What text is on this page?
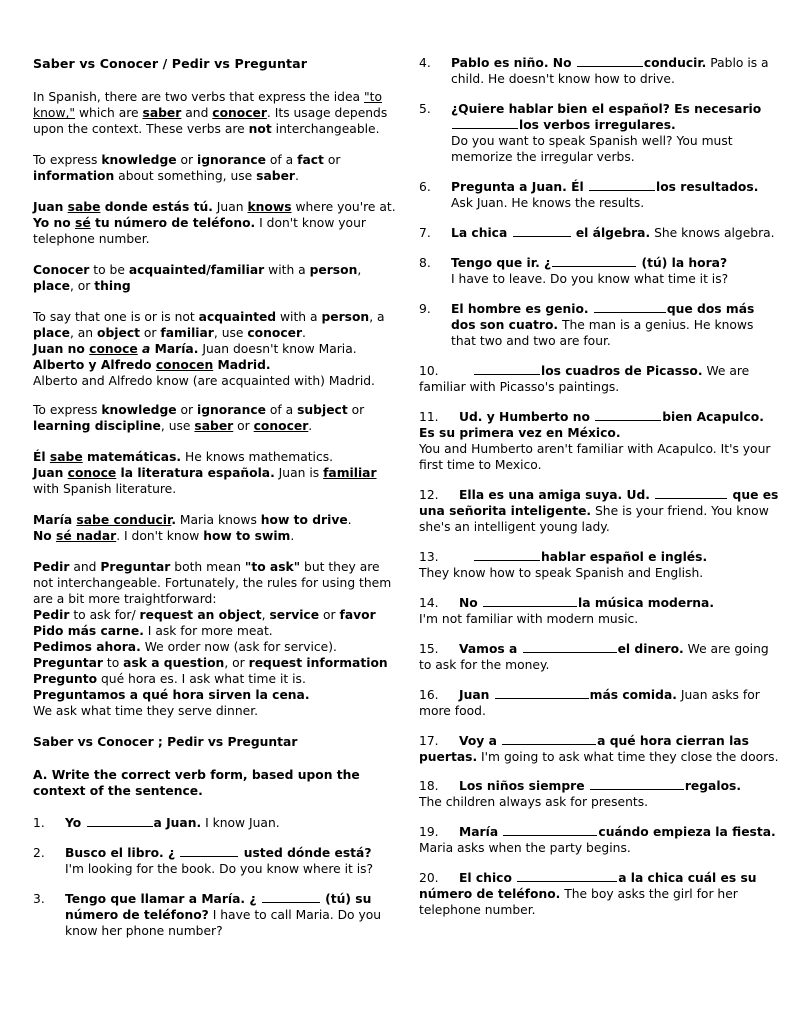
Saber vs Conocer / Pedir vs Preguntar

In Spanish, there are two verbs that express the idea "to know," which are saber and conocer. Its usage depends upon the context. These verbs are not interchangeable.

To express knowledge or ignorance of a fact or information about something, use saber.

Juan sabe donde estás tú. Juan knows where you're at.
Yo no sé tu número de teléfono. I don't know your telephone number.

Conocer to be acquainted/familiar with a person, place, or thing

To say that one is or is not acquainted with a person, a place, an object or familiar, use conocer.
Juan no conoce a María. Juan doesn't know Maria.
Alberto y Alfredo conocen Madrid.
Alberto and Alfredo know (are acquainted with) Madrid.

To express knowledge or ignorance of a subject or learning discipline, use saber or conocer.

Él sabe matemáticas. He knows mathematics.
Juan conoce la literatura española. Juan is familiar with Spanish literature.

María sabe conducir. Maria knows how to drive.
No sé nadar. I don't know how to swim.

Pedir and Preguntar both mean "to ask" but they are not interchangeable. Fortunately, the rules for using them are a bit more traightforward:
Pedir to ask for/ request an object, service or favor
Pido más carne. I ask for more meat.
Pedimos ahora. We order now (ask for service).
Preguntar to ask a question, or request information
Pregunto qué hora es. I ask what time it is.
Preguntamos a qué hora sirven la cena.
We ask what time they serve dinner.

Saber vs Conocer ; Pedir vs Preguntar
A. Write the correct verb form, based upon the context of the sentence.
1.	Yo	a Juan. I know Juan.
2.	Busco el libro. ¿	usted dónde está?
I'm looking for the book. Do you know where it is?
3.	Tengo que llamar a María. ¿	(tú) su número de teléfono? I have to call Maria. Do you know her phone number?
4.	Pablo es niño. No	conducir. Pablo is a child. He doesn't know how to drive.
5.	¿Quiere hablar bien el español? Es necesario los verbos irregulares.
Do you want to speak Spanish well? You must memorize the irregular verbs.
6.	Pregunta a Juan. Él	los resultados.
Ask Juan. He knows the results.
7.	La chica	el álgebra. She knows algebra.
8.	Tengo que ir. ¿	(tú) la hora?
I have to leave. Do you know what time it is?
9.	El hombre es genio.	que dos más dos son cuatro. The man is a genius. He knows that two and two are four.
10.	los cuadros de Picasso. We are familiar with Picasso's paintings.
11. Ud. y Humberto no	bien Acapulco. Es su primera vez en México.
You and Humberto aren't familiar with Acapulco. It's your first time to Mexico.
12. Ella es una amiga suya. Ud.	que es una señorita inteligente. She is your friend. You know she's an intelligent young lady.
13.	hablar español e inglés.
They know how to speak Spanish and English.
14. No	la música moderna.
I'm not familiar with modern music.
15. Vamos a	el dinero. We are going to ask for the money.
16. Juan	más comida. Juan asks for more food.
17. Voy a	a qué hora cierran las puertas. I'm going to ask what time they close the doors.
18. Los niños siempre	regalos.
The children always ask for presents.
19. María	cuándo empieza la fiesta. Maria asks when the party begins.
20. El chico	a la chica cuál es su número de teléfono. The boy asks the girl for her telephone number.
